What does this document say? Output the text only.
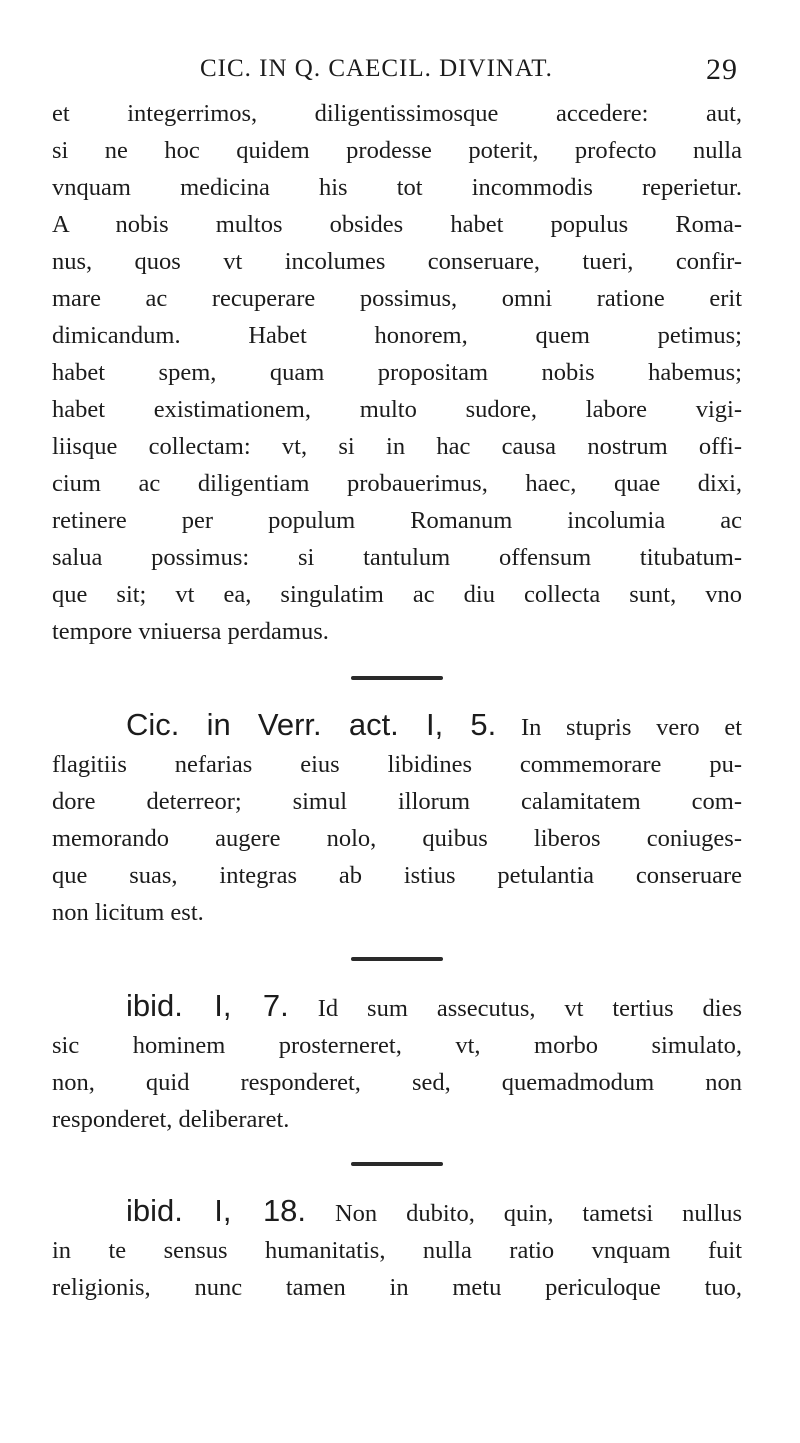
CIC. IN Q. CAECIL. DIVINAT.	29

et integerrimos, diligentissimosque accedere: aut,
si ne hoc quidem prodesse poterit, profecto nulla
vnquam medicina his tot incommodis reperietur.
A nobis multos obsides habet populus Roma-
nus, quos vt incolumes conseruare, tueri, confir-
mare ac recuperare possimus, omni ratione erit
dimicandum. Habet honorem, quem petimus;
habet spem, quam propositam nobis habemus;
habet existimationem, multo sudore, labore vigi-
liisque collectam: vt, si in hac causa nostrum offi-
cium ac diligentiam probauerimus, haec, quae dixi,
retinere per populum Romanum incolumia ac
salua possimus: si tantulum offensum titubatum-
que sit; vt ea, singulatim ac diu collecta sunt, vno
tempore vniuersa perdamus.

Cic. in Verr. act. I, 5. In stupris vero et
flagitiis nefarias eius libidines commemorare pu-
dore deterreor; simul illorum calamitatem com-
memorando augere nolo, quibus liberos coniuges-
que suas, integras ab istius petulantia conseruare
non licitum est.

ibid. I, 7. Id sum assecutus, vt tertius dies
sic hominem prosterneret, vt, morbo simulato,
non, quid responderet, sed, quemadmodum non
responderet, deliberaret.

ibid. I, 18. Non dubito, quin, tametsi nullus
in te sensus humanitatis, nulla ratio vnquam fuit
religionis, nunc tamen in metu periculoque tuo,
